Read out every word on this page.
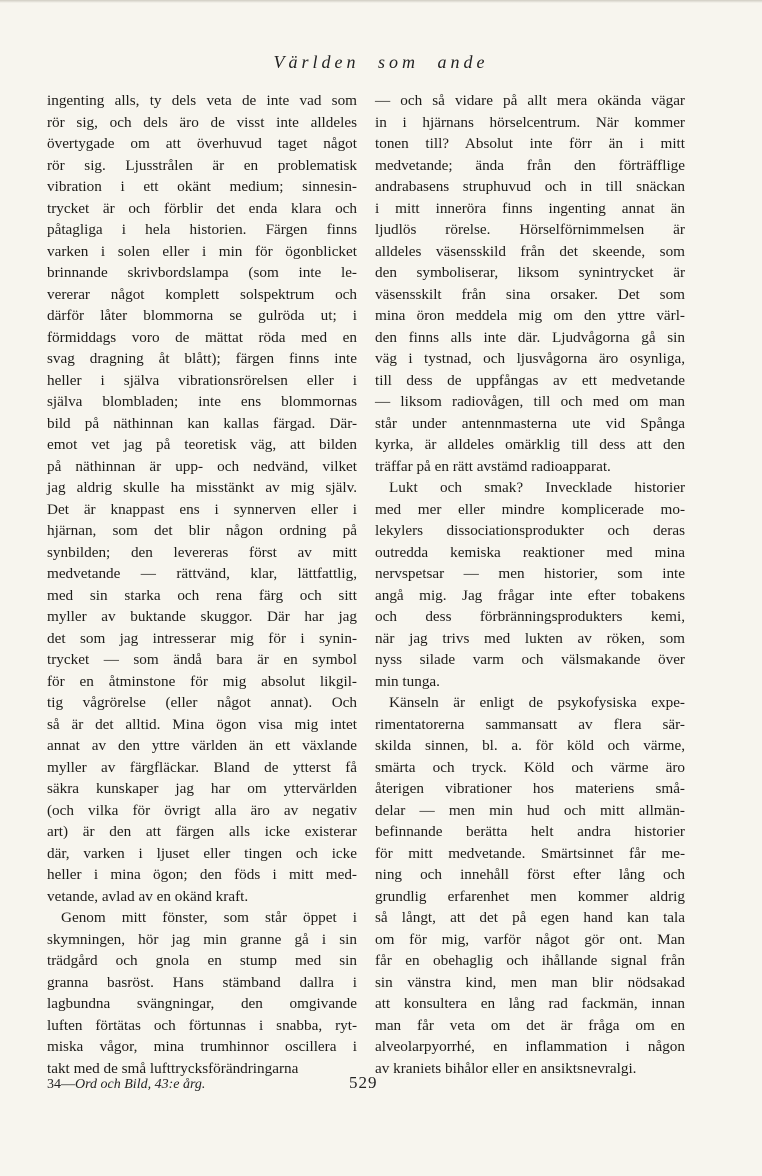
Världen som ande
ingenting alls, ty dels veta de inte vad som
rör sig, och dels äro de visst inte alldeles
övertygade om att överhuvud taget något
rör sig. Ljusstrålen är en problematisk
vibration i ett okänt medium; sinnesin-
trycket är och förblir det enda klara och
påtagliga i hela historien. Färgen finns
varken i solen eller i min för ögonblicket
brinnande skrivbordslampa (som inte le-
vererar något komplett solspektrum och
därför låter blommorna se gulröda ut; i
förmiddags voro de mättat röda med en
svag dragning åt blått); färgen finns inte
heller i själva vibrationsrörelsen eller i
själva blombladen; inte ens blommornas
bild på näthinnan kan kallas färgad. Där-
emot vet jag på teoretisk väg, att bilden
på näthinnan är upp- och nedvänd, vilket
jag aldrig skulle ha misstänkt av mig själv.
Det är knappast ens i synnerven eller i
hjärnan, som det blir någon ordning på
synbilden; den levereras först av mitt
medvetande — rättvänd, klar, lättfattlig,
med sin starka och rena färg och sitt
myller av buktande skuggor. Där har jag
det som jag intresserar mig för i synin-
trycket — som ändå bara är en symbol
för en åtminstone för mig absolut likgil-
tig vågrörelse (eller något annat). Och
så är det alltid. Mina ögon visa mig intet
annat av den yttre världen än ett växlande
myller av färgfläckar. Bland de ytterst få
säkra kunskaper jag har om yttervärlden
(och vilka för övrigt alla äro av negativ
art) är den att färgen alls icke existerar
där, varken i ljuset eller tingen och icke
heller i mina ögon; den föds i mitt med-
vetande, avlad av en okänd kraft.
Genom mitt fönster, som står öppet i
skymningen, hör jag min granne gå i sin
trädgård och gnola en stump med sin
granna basröst. Hans stämband dallra i
lagbundna svängningar, den omgivande
luften förtätas och förtunnas i snabba, ryt-
miska vågor, mina trumhinnor oscillera i
takt med de små lufttrycksförändringarna
— och så vidare på allt mera okända vägar
in i hjärnans hörselcentrum. När kommer
tonen till? Absolut inte förr än i mitt
medvetande; ända från den förträfflige
andrabasens struphuvud och in till snäckan
i mitt inneröra finns ingenting annat än
ljudlös rörelse. Hörselförnimmelsen är
alldeles väsensskild från det skeende, som
den symboliserar, liksom synintrycket är
väsensskilt från sina orsaker. Det som
mina öron meddela mig om den yttre värl-
den finns alls inte där. Ljudvågorna gå sin
väg i tystnad, och ljusvågorna äro osynliga,
till dess de uppfångas av ett medvetande
— liksom radiovågen, till och med om man
står under antennmasterna ute vid Spånga
kyrka, är alldeles omärklig till dess att den
träffar på en rätt avstämd radioapparat.
Lukt och smak? Invecklade historier
med mer eller mindre komplicerade mo-
lekylers dissociationsprodukter och deras
outredda kemiska reaktioner med mina
nervspetsar — men historier, som inte
angå mig. Jag frågar inte efter tobakens
och dess förbränningsprodukters kemi,
när jag trivs med lukten av röken, som
nyss silade varm och välsmakande över
min tunga.
Känseln är enligt de psykofysiska expe-
rimentatorerna sammansatt av flera sär-
skilda sinnen, bl. a. för köld och värme,
smärta och tryck. Köld och värme äro
återigen vibrationer hos materiens små-
delar — men min hud och mitt allmän-
befinnande berätta helt andra historier
för mitt medvetande. Smärtsinnet får me-
ning och innehåll först efter lång och
grundlig erfarenhet men kommer aldrig
så långt, att det på egen hand kan tala
om för mig, varför något gör ont. Man
får en obehaglig och ihållande signal från
sin vänstra kind, men man blir nödsakad
att konsultera en lång rad fackmän, innan
man får veta om det är fråga om en
alveolarpyorrhé, en inflammation i någon
av kraniets bihålor eller en ansiktsnevralgi.
34—Ord och Bild, 43:e årg.	529
